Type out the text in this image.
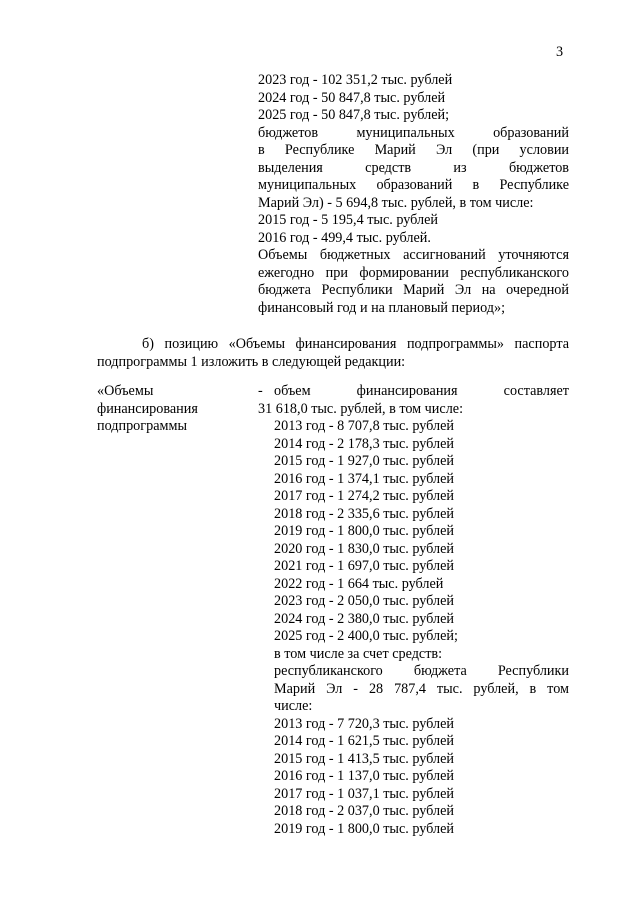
3
2023 год - 102 351,2 тыс. рублей
2024 год - 50 847,8 тыс. рублей
2025 год - 50 847,8 тыс. рублей;
бюджетов муниципальных образований
в Республике Марий Эл (при условии
выделения средств из бюджетов
муниципальных образований в Республике
Марий Эл) - 5 694,8 тыс. рублей, в том числе:
2015 год - 5 195,4 тыс. рублей
2016 год - 499,4 тыс. рублей.
Объемы бюджетных ассигнований уточняются
ежегодно при формировании республиканского
бюджета Республики Марий Эл на очередной
финансовый год и на плановый период»;
б) позицию «Объемы финансирования подпрограммы» паспорта
подпрограммы 1 изложить в следующей редакции:
«Объемы
финансирования
подпрограммы
- объем финансирования составляет
31 618,0 тыс. рублей, в том числе:
2013 год - 8 707,8 тыс. рублей
2014 год - 2 178,3 тыс. рублей
2015 год - 1 927,0 тыс. рублей
2016 год - 1 374,1 тыс. рублей
2017 год - 1 274,2 тыс. рублей
2018 год - 2 335,6 тыс. рублей
2019 год - 1 800,0 тыс. рублей
2020 год - 1 830,0 тыс. рублей
2021 год - 1 697,0 тыс. рублей
2022 год - 1 664 тыс. рублей
2023 год - 2 050,0 тыс. рублей
2024 год - 2 380,0 тыс. рублей
2025 год - 2 400,0 тыс. рублей;
в том числе за счет средств:
республиканского бюджета Республики
Марий Эл - 28 787,4 тыс. рублей, в том
числе:
2013 год - 7 720,3 тыс. рублей
2014 год - 1 621,5 тыс. рублей
2015 год - 1 413,5 тыс. рублей
2016 год - 1 137,0 тыс. рублей
2017 год - 1 037,1 тыс. рублей
2018 год - 2 037,0 тыс. рублей
2019 год - 1 800,0 тыс. рублей
